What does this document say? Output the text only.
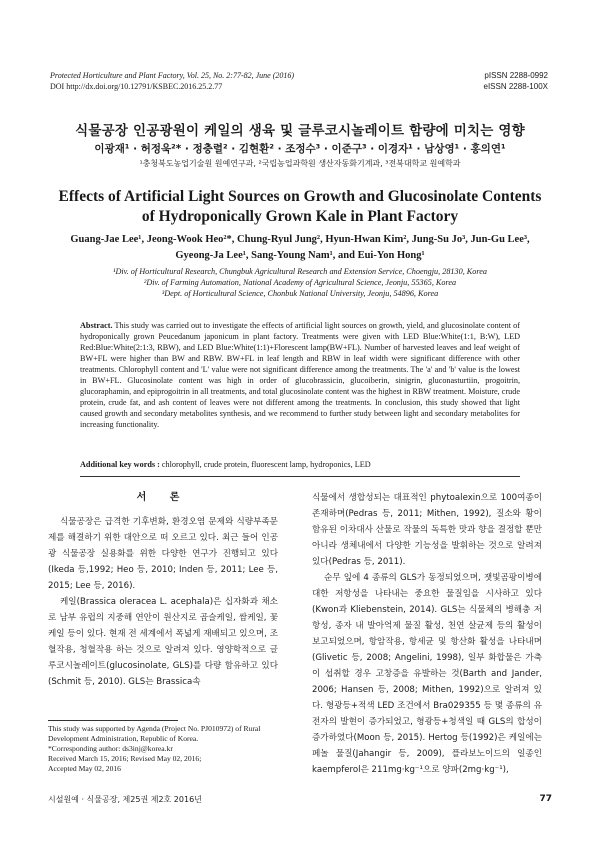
Protected Horticulture and Plant Factory, Vol. 25, No. 2:77-82, June (2016)
DOI http://dx.doi.org/10.12791/KSBEC.2016.25.2.77
pISSN 2288-0992
eISSN 2288-100X
식물공장 인공광원이 케일의 생육 및 글루코시놀레이트 함량에 미치는 영향
이광재¹ · 허정욱²* · 정충렬² · 김현환² · 조정수³ · 이준구³ · 이경자¹ · 남상영¹ · 홍의연¹
¹충청북도농업기술원 원예연구과, ²국립농업과학원 생산자동화기계과, ³전북대학교 원예학과
Effects of Artificial Light Sources on Growth and Glucosinolate Contents
of Hydroponically Grown Kale in Plant Factory
Guang-Jae Lee¹, Jeong-Wook Heo²*, Chung-Ryul Jung², Hyun-Hwan Kim², Jung-Su Jo³, Jun-Gu Lee³,
Gyeong-Ja Lee¹, Sang-Young Nam¹, and Eui-Yon Hong¹
¹Div. of Horticultural Research, Chungbuk Agricultural Research and Extension Service, Choengju, 28130, Korea
²Div. of Farming Automation, National Academy of Agricultural Science, Jeonju, 55365, Korea
³Dept. of Horticultural Science, Chonbuk National University, Jeonju, 54896, Korea
Abstract. This study was carried out to investigate the effects of artificial light sources on growth, yield, and glucosinolate content of hydroponically grown Peucedanum japonicum in plant factory. Treatments were given with LED Blue:White(1:1, B:W), LED Red:Blue:White(2:1:3, RBW), and LED Blue:White(1:1)+Florescent lamp(BW+FL). Number of harvested leaves and leaf weight of BW+FL were higher than BW and RBW. BW+FL in leaf length and RBW in leaf width were significant difference with other treatments. Chlorophyll content and 'L' value were not significant difference among the treatments. The 'a' and 'b' value is the lowest in BW+FL. Glucosinolate content was high in order of glucobrassicin, glucoiberin, sinigrin, gluconasturtiin, progoitrin, glucoraphamin, and epiprogoitrin in all treatments, and total glucosinolate content was the highest in RBW treatment. Moisture, crude protein, crude fat, and ash content of leaves were not different among the treatments. In conclusion, this study showed that light caused growth and secondary metabolites synthesis, and we recommend to further study between light and secondary metabolites for increasing functionality.
Additional key words : chlorophyll, crude protein, fluorescent lamp, hydroponics, LED
서 론

식물공장은 급격한 기후변화, 환경오염 문제와 식량부족문제를 해결하기 위한 대안으로 떠 오르고 있다. 최근 들어 인공광 식물공장 실용화를 위한 다양한 연구가 진행되고 있다(Ikeda 등,1992; Heo 등, 2010; Inden 등, 2011; Lee 등, 2015; Lee 등, 2016).

케일(Brassica oleracea L. acephala)은 십자화과 채소로 남부 유럽의 지중해 연안이 원산지로 곱슬케일, 쌈케일, 꽃케일 등이 있다. 현재 전 세계에서 폭넓게 재배되고 있으며, 조혈작용, 청혈작용 하는 것으로 알려져 있다. 영양학적으로 글루코시놀레이트(glucosinolate, GLS)를 다량 함유하고 있다(Schmit 등, 2010). GLS는 Brassica속

식물에서 생합성되는 대표적인 phytoalexin으로 100여종이 존재하며(Pedras 등, 2011; Mithen, 1992), 질소와 황이 함유된 이차대사 산물로 작물의 독특한 맛과 향을 결정할 뿐만 아니라 생체내에서 다양한 기능성을 발휘하는 것으로 알려져 있다(Pedras 등, 2011).

순무 잎에 4 종류의 GLS가 동정되었으며, 잿빛곰팡이병에 대한 저항성을 나타내는 중요한 물질임을 시사하고 있다(Kwon과 Kliebenstein, 2014). GLS는 식물체의 병해충 저항성, 종자 내 발아억제 물질 활성, 천연 살균제 등의 활성이 보고되었으며, 항암작용, 항세균 및 항산화 활성을 나타내며(Glivetic 등, 2008; Angelini, 1998), 일부 화합물은 가축이 섭취할 경우 고창증을 유발하는 것(Barth and Jander, 2006; Hansen 등, 2008; Mithen, 1992)으로 알려져 있다. 형광등+적색 LED 조건에서 Bra029355 등 몇 종류의 유전자의 발현이 증가되었고, 형광등+청색일 때 GLS의 합성이 증가하였다(Moon 등, 2015). Hertog 등(1992)은 케일에는 페놀 물질(Jahangir 등, 2009), 플라보노이드의 일종인 kaempferol은 211mg·kg⁻¹으로 양파(2mg·kg⁻¹),

This study was supported by Agenda (Project No. PJ010972) of Rural Development Administration, Republic of Korea.
*Corresponding author: ds3inj@korea.kr
Received March 15, 2016; Revised May 02, 2016;
Accepted May 02, 2016
시설원예 · 식물공장, 제25권 제2호 2016년	77
